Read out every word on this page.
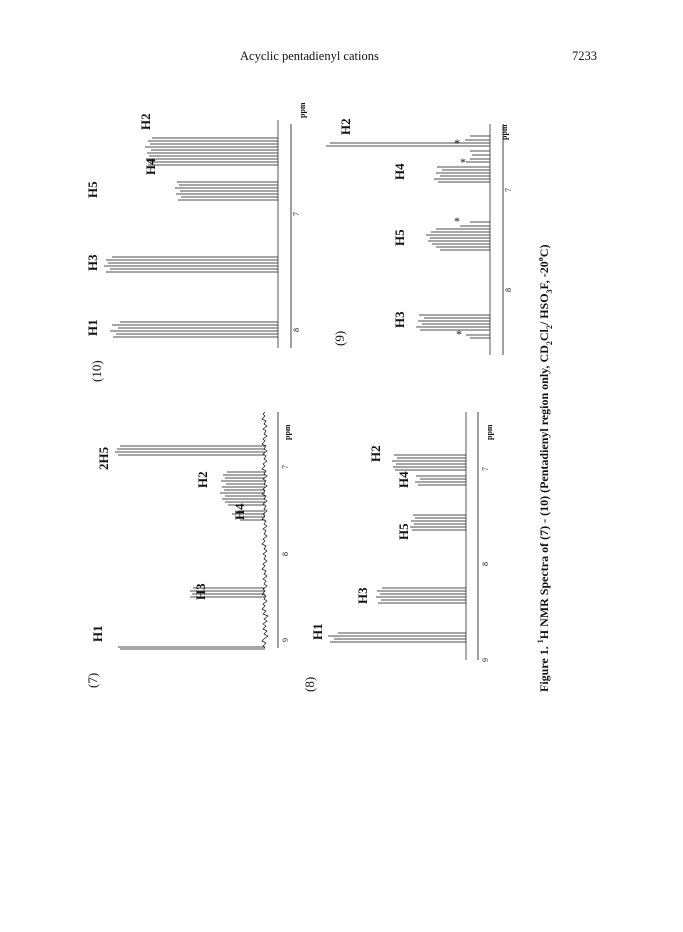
Acyclic pentadienyl cations	7233
Figure 1. $^1$H NMR Spectra of (7) - (10) (Pentadienyl region only, $CD_2Cl_2/$ $HSO_3F$, -20$^o$C)
(7)
9
8
7
ppm
H1
H3
H4
H2
2H5
(8)
9
8
7
ppm
H1
H3
H5
H4
H2
(10)
8
7
ppm
H1
H3
H5
H4
H2
(9)
8
7
ppm
H3
H5
H4
H2
*
*
*
*
